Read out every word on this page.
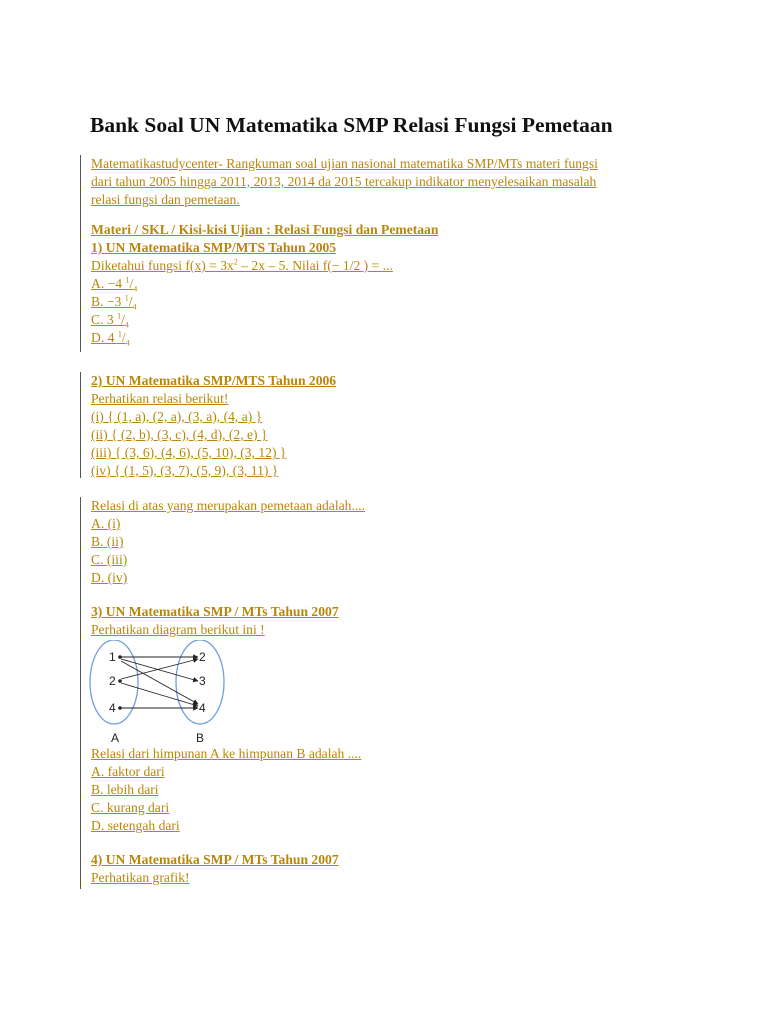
Bank Soal UN Matematika SMP Relasi Fungsi Pemetaan
Matematikastudycenter- Rangkuman soal ujian nasional matematika SMP/MTs materi fungsi
dari tahun 2005 hingga 2011, 2013, 2014 da 2015 tercakup indikator menyelesaikan masalah
relasi fungsi dan pemetaan.
Materi / SKL / Kisi-kisi Ujian : Relasi Fungsi dan Pemetaan
1) UN Matematika SMP/MTS Tahun 2005
Diketahui fungsi $f(x) = 3x^2 - 2x - 5$. Nilai f(− 1/2 ) = ...
A. −4 $^1/_4$
B. −3 $^1/_4$
C. 3 $^1/_4$
D. 4 $^1/_4$
2) UN Matematika SMP/MTS Tahun 2006
Perhatikan relasi berikut!
(i) { (1, a), (2, a), (3, a), (4, a) }
(ii) { (2, b), (3, c), (4, d), (2, e) }
(iii) { (3, 6), (4, 6), (5, 10), (3, 12) }
(iv) { (1, 5), (3, 7), (5, 9), (3, 11) }
Relasi di atas yang merupakan pemetaan adalah....
A. (i)
B. (ii)
C. (iii)
D. (iv)
3) UN Matematika SMP / MTs Tahun 2007
Perhatikan diagram berikut ini !
Relasi dari himpunan A ke himpunan B adalah ....
A. faktor dari
B. lebih dari
C. kurang dari
D. setengah dari
4) UN Matematika SMP / MTs Tahun 2007
Perhatikan grafik!
1
2
4
2
3
4
A	B
